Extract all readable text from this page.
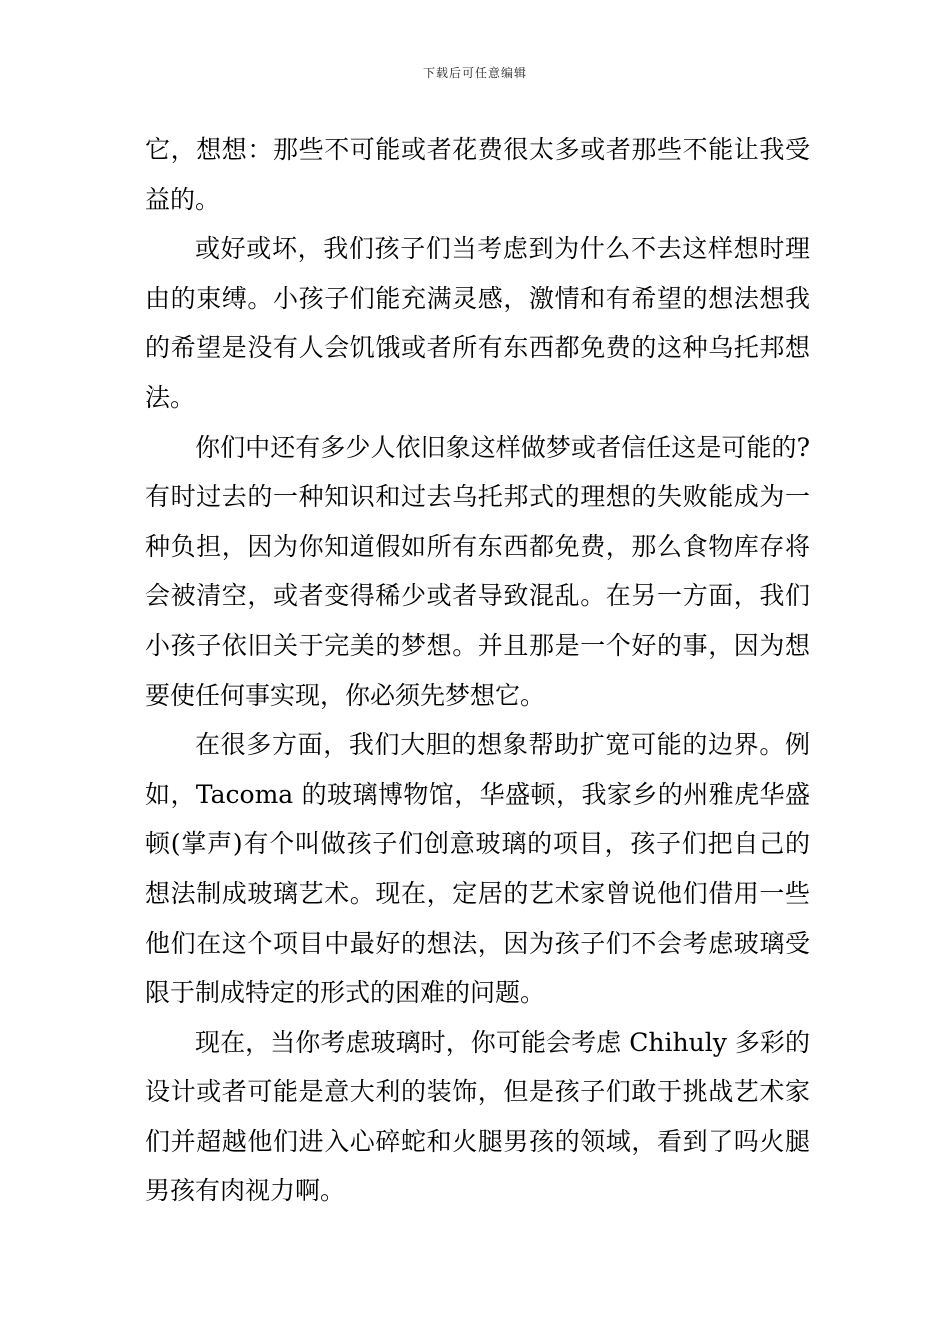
下载后可任意编辑

它，想想：那些不可能或者花费很太多或者那些不能让我受益的。

或好或坏，我们孩子们当考虑到为什么不去这样想时理由的束缚。小孩子们能充满灵感，激情和有希望的想法想我的希望是没有人会饥饿或者所有东西都免费的这种乌托邦想法。

你们中还有多少人依旧象这样做梦或者信任这是可能的?有时过去的一种知识和过去乌托邦式的理想的失败能成为一种负担，因为你知道假如所有东西都免费，那么食物库存将会被清空，或者变得稀少或者导致混乱。在另一方面，我们小孩子依旧关于完美的梦想。并且那是一个好的事，因为想要使任何事实现，你必须先梦想它。

在很多方面，我们大胆的想象帮助扩宽可能的边界。例如，Tacoma 的玻璃博物馆，华盛顿，我家乡的州雅虎华盛顿(掌声)有个叫做孩子们创意玻璃的项目，孩子们把自己的想法制成玻璃艺术。现在，定居的艺术家曾说他们借用一些他们在这个项目中最好的想法，因为孩子们不会考虑玻璃受限于制成特定的形式的困难的问题。

现在，当你考虑玻璃时，你可能会考虑 Chihuly 多彩的设计或者可能是意大利的装饰，但是孩子们敢于挑战艺术家们并超越他们进入心碎蛇和火腿男孩的领域，看到了吗火腿男孩有肉视力啊。
